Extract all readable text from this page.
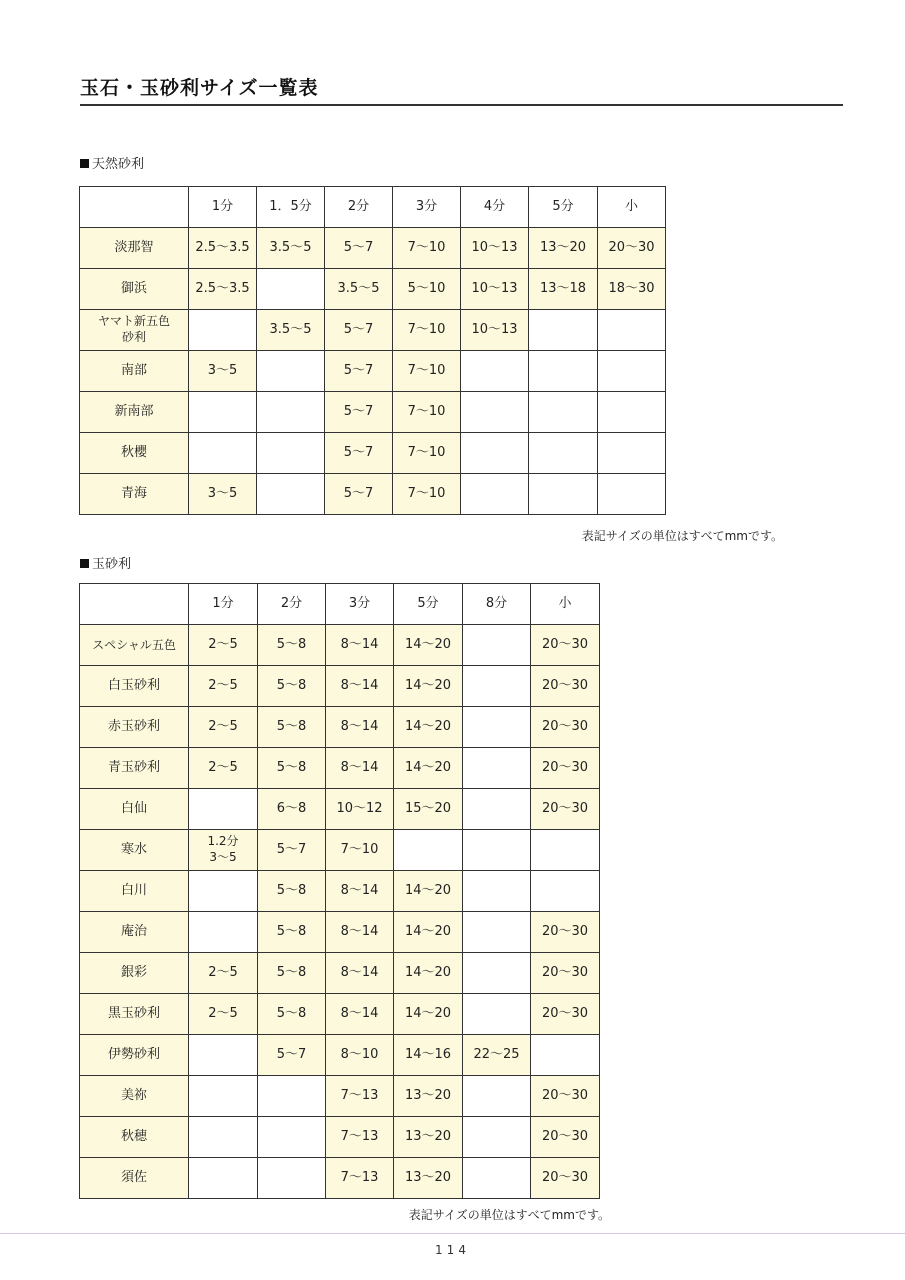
玉石・玉砂利サイズ一覧表
天然砂利
	1分	1．5分	2分	3分	4分	5分	小
淡那智	2.5〜3.5	3.5〜5	5〜7	7〜10	10〜13	13〜20	20〜30
御浜	2.5〜3.5		3.5〜5	5〜10	10〜13	13〜18	18〜30
ヤマト新五色
砂利		3.5〜5	5〜7	7〜10	10〜13		
南部	3〜5		5〜7	7〜10			
新南部			5〜7	7〜10			
秋櫻			5〜7	7〜10			
青海	3〜5		5〜7	7〜10			
表記サイズの単位はすべてmmです。
玉砂利
	1分	2分	3分	5分	8分	小
スペシャル五色	2〜5	5〜8	8〜14	14〜20		20〜30
白玉砂利	2〜5	5〜8	8〜14	14〜20		20〜30
赤玉砂利	2〜5	5〜8	8〜14	14〜20		20〜30
青玉砂利	2〜5	5〜8	8〜14	14〜20		20〜30
白仙		6〜8	10〜12	15〜20		20〜30
寒水	1.2分
3〜5	5〜7	7〜10			
白川		5〜8	8〜14	14〜20		
庵治		5〜8	8〜14	14〜20		20〜30
銀彩	2〜5	5〜8	8〜14	14〜20		20〜30
黒玉砂利	2〜5	5〜8	8〜14	14〜20		20〜30
伊勢砂利		5〜7	8〜10	14〜16	22〜25	
美祢			7〜13	13〜20		20〜30
秋穂			7〜13	13〜20		20〜30
須佐			7〜13	13〜20		20〜30
表記サイズの単位はすべてmmです。
114
